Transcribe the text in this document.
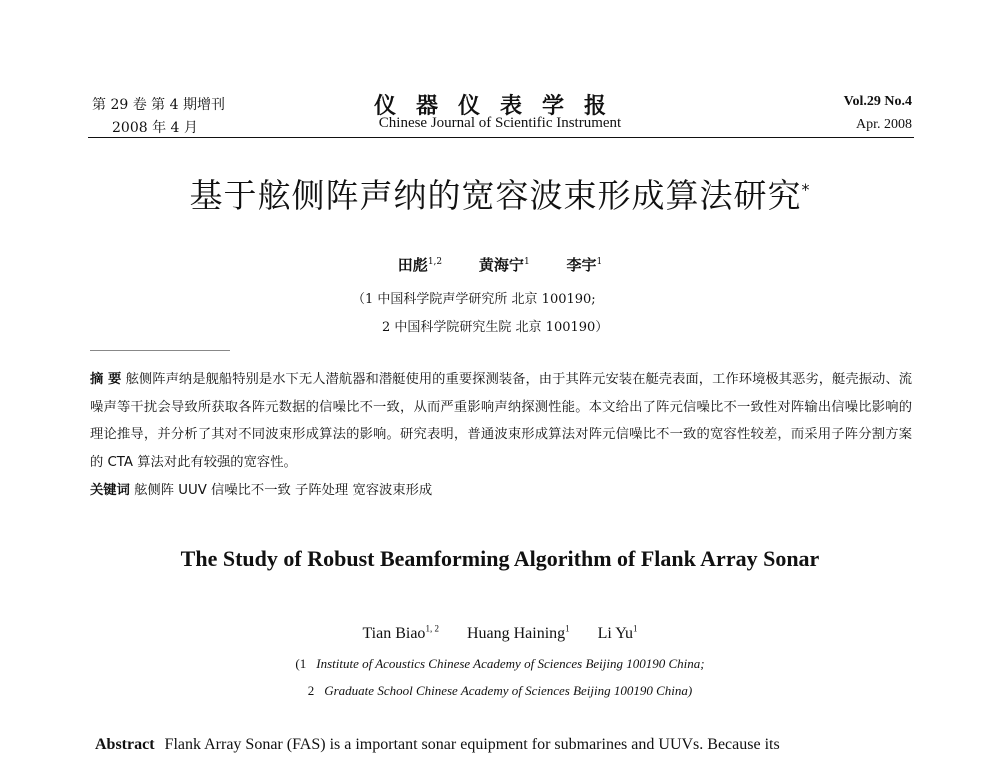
第 29 卷 第 4 期增刊
2008 年 4 月
仪器仪表学报
Chinese Journal of Scientific Instrument
Vol.29 No.4
Apr. 2008
基于舷侧阵声纳的宽容波束形成算法研究*
田彪$^{1,2}$ 黄海宁$^1$ 李宇$^1$
（1 中国科学院声学研究所 北京 100190;
2 中国科学院研究生院 北京 100190）
摘 要 舷侧阵声纳是舰船特别是水下无人潜航器和潜艇使用的重要探测装备，由于其阵元安装在艇壳表面，工作环境极其恶劣，艇壳振动、流噪声等干扰会导致所获取各阵元数据的信噪比不一致，从而严重影响声纳探测性能。本文给出了阵元信噪比不一致性对阵输出信噪比影响的理论推导，并分析了其对不同波束形成算法的影响。研究表明，普通波束形成算法对阵元信噪比不一致的宽容性较差，而采用子阵分割方案的 CTA 算法对此有较强的宽容性。
关键词 舷侧阵 UUV 信噪比不一致 子阵处理 宽容波束形成
The Study of Robust Beamforming Algorithm of Flank Array Sonar
Tian Biao$^{1, 2}$ Huang Haining$^1$ Li Yu$^1$
(1 Institute of Acoustics Chinese Academy of Sciences Beijing 100190 China;
2 Graduate School Chinese Academy of Sciences Beijing 100190 China)
Abstract Flank Array Sonar (FAS) is a important sonar equipment for submarines and UUVs. Because its
